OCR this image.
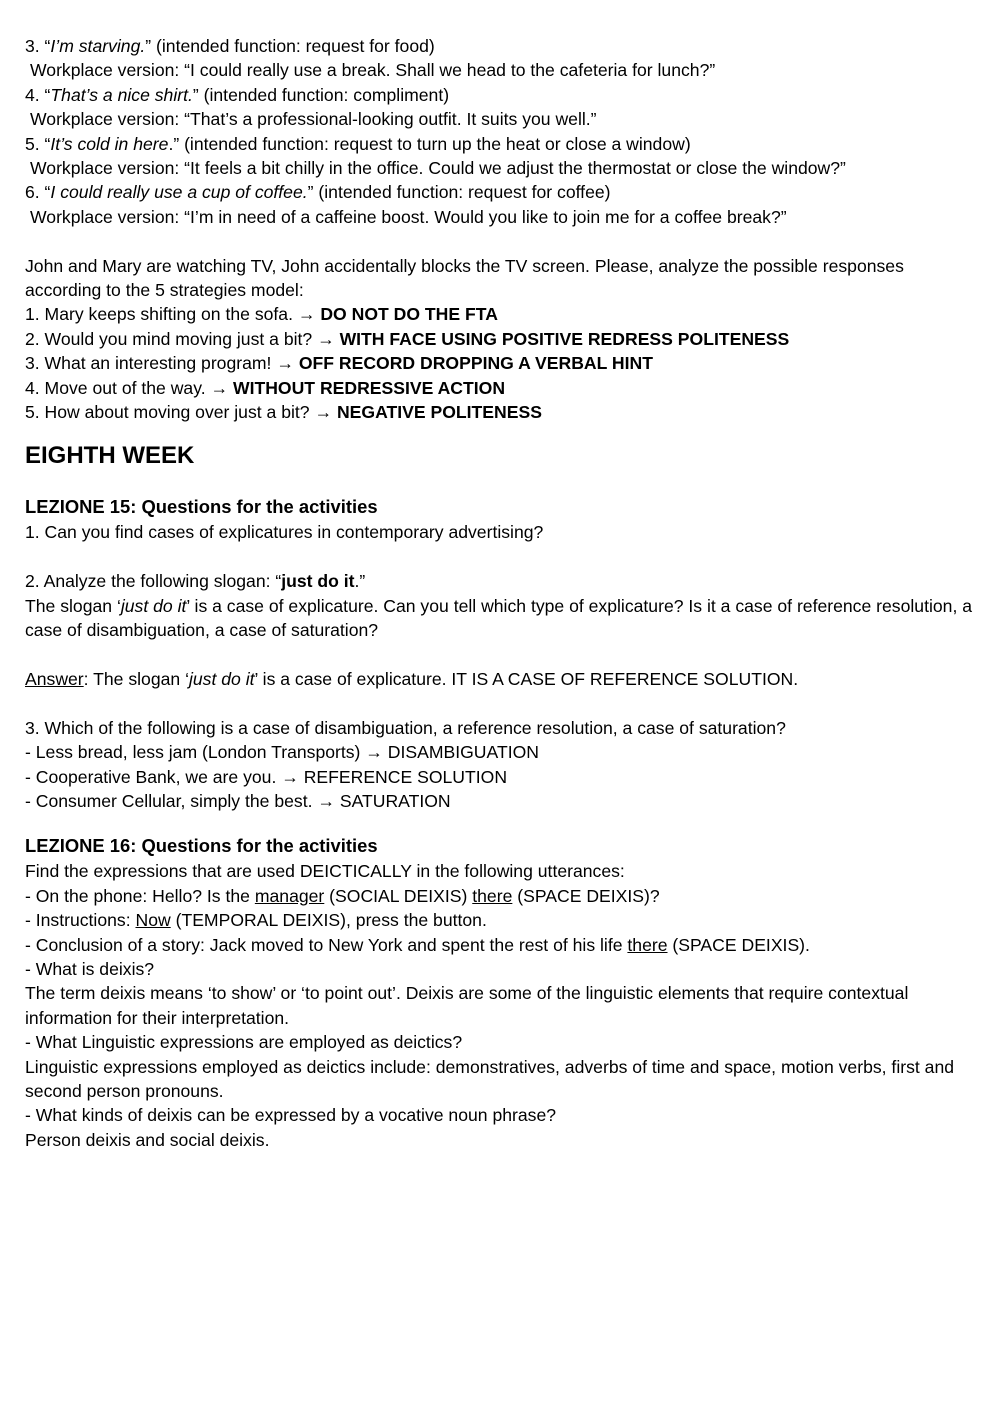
3. “I’m starving.” (intended function: request for food)
Workplace version: “I could really use a break. Shall we head to the cafeteria for lunch?”
4. “That’s a nice shirt.” (intended function: compliment)
Workplace version: “That’s a professional-looking outfit. It suits you well.”
5. “It’s cold in here.” (intended function: request to turn up the heat or close a window)
Workplace version: “It feels a bit chilly in the office. Could we adjust the thermostat or close the window?”
6. “I could really use a cup of coffee.” (intended function: request for coffee)
Workplace version: “I’m in need of a caffeine boost. Would you like to join me for a coffee break?”
John and Mary are watching TV, John accidentally blocks the TV screen. Please, analyze the possible responses according to the 5 strategies model:
1. Mary keeps shifting on the sofa. → DO NOT DO THE FTA
2. Would you mind moving just a bit? → WITH FACE USING POSITIVE REDRESS POLITENESS
3. What an interesting program! → OFF RECORD DROPPING A VERBAL HINT
4. Move out of the way. → WITHOUT REDRESSIVE ACTION
5. How about moving over just a bit? → NEGATIVE POLITENESS
EIGHTH WEEK
LEZIONE 15: Questions for the activities
1. Can you find cases of explicatures in contemporary advertising?
2. Analyze the following slogan: “just do it.”
The slogan ‘just do it’ is a case of explicature. Can you tell which type of explicature? Is it a case of reference resolution, a case of disambiguation, a case of saturation?
Answer: The slogan ‘just do it’ is a case of explicature. IT IS A CASE OF REFERENCE SOLUTION.
3. Which of the following is a case of disambiguation, a reference resolution, a case of saturation?
- Less bread, less jam (London Transports) → DISAMBIGUATION
- Cooperative Bank, we are you. → REFERENCE SOLUTION
- Consumer Cellular, simply the best. → SATURATION
LEZIONE 16: Questions for the activities
Find the expressions that are used DEICTICALLY in the following utterances:
- On the phone: Hello? Is the manager (SOCIAL DEIXIS) there (SPACE DEIXIS)?
- Instructions: Now (TEMPORAL DEIXIS), press the button.
- Conclusion of a story: Jack moved to New York and spent the rest of his life there (SPACE DEIXIS).
- What is deixis?
The term deixis means ‘to show’ or ‘to point out’. Deixis are some of the linguistic elements that require contextual information for their interpretation.
- What Linguistic expressions are employed as deictics?
Linguistic expressions employed as deictics include: demonstratives, adverbs of time and space, motion verbs, first and second person pronouns.
- What kinds of deixis can be expressed by a vocative noun phrase?
Person deixis and social deixis.
